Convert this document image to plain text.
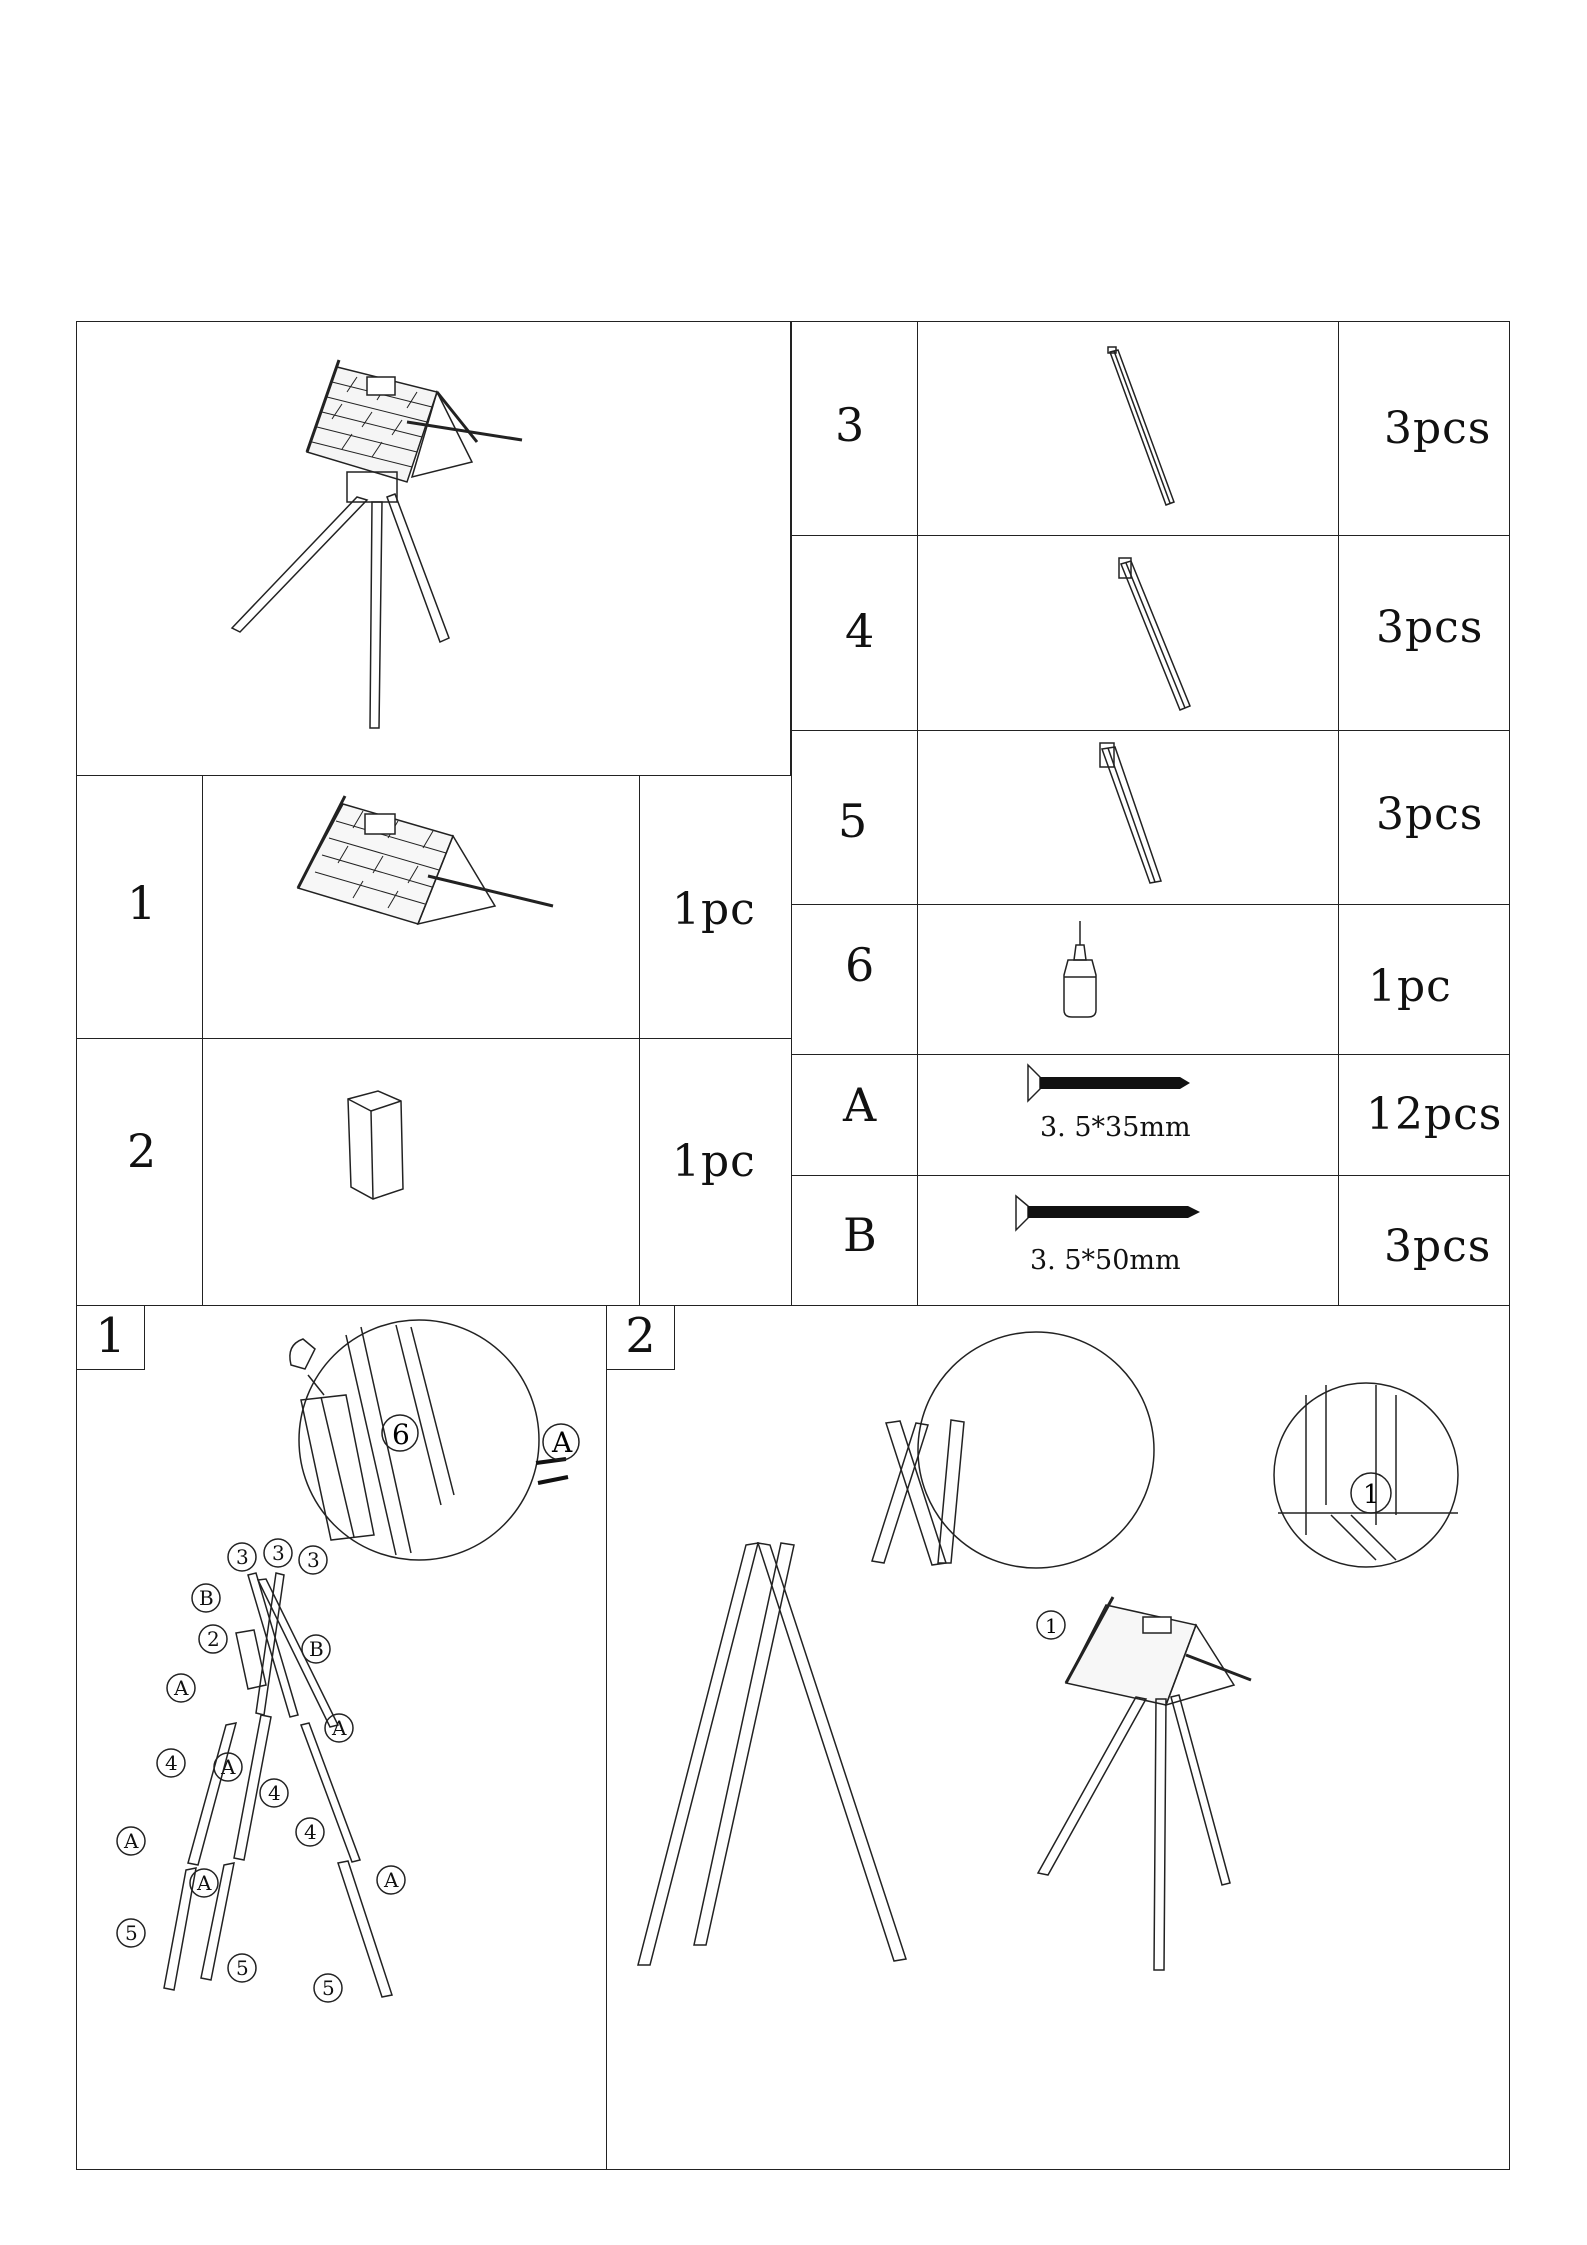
1	1pc
2	1pc
3	3pcs
4	3pcs
5	3pcs
6	1pc
A	3. 5*35mm	12pcs
B	3. 5*50mm	3pcs
1
6	A
3 3 3
B
2	B
A
A
4 A
4
4
A
A	A
5
5
5
2
1
1
